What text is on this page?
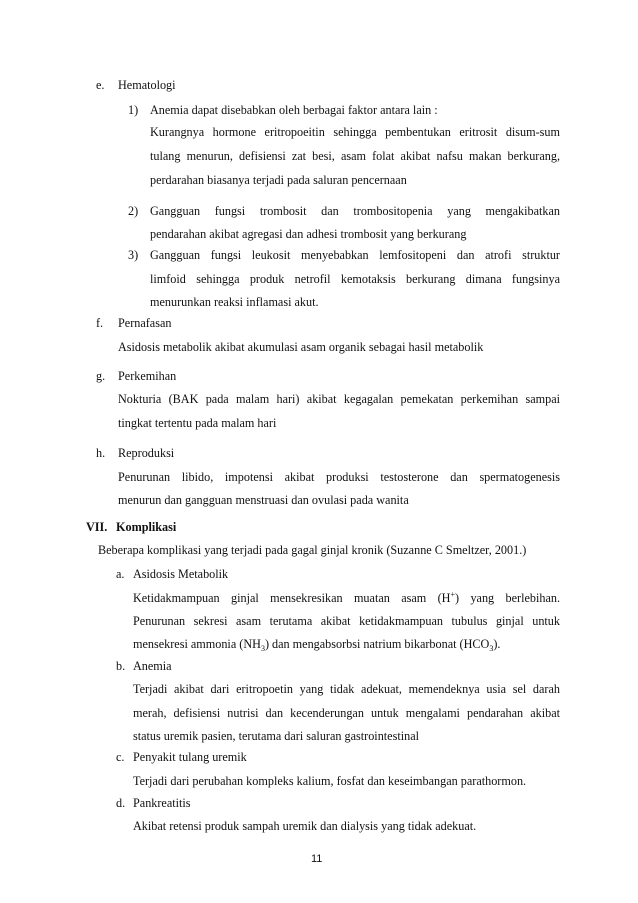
e. Hematologi
1) Anemia dapat disebabkan oleh berbagai faktor antara lain :
Kurangnya hormone eritropoeitin sehingga pembentukan eritrosit disum-sum
tulang menurun, defisiensi zat besi, asam folat akibat nafsu makan berkurang,
perdarahan biasanya terjadi pada saluran pencernaan
2) Gangguan fungsi trombosit dan trombositopenia yang mengakibatkan
pendarahan akibat agregasi dan adhesi trombosit yang berkurang
3) Gangguan fungsi leukosit menyebabkan lemfositopeni dan atrofi struktur
limfoid sehingga produk netrofil kemotaksis berkurang dimana fungsinya
menurunkan reaksi inflamasi akut.
f. Pernafasan
Asidosis metabolik akibat akumulasi asam organik sebagai hasil metabolik
g. Perkemihan
Nokturia (BAK pada malam hari) akibat kegagalan pemekatan perkemihan sampai
tingkat tertentu pada malam hari
h. Reproduksi
Penurunan libido, impotensi akibat produksi testosterone dan spermatogenesis
menurun dan gangguan menstruasi dan ovulasi pada wanita
VII. Komplikasi
Beberapa komplikasi yang terjadi pada gagal ginjal kronik (Suzanne C Smeltzer, 2001.)
a. Asidosis Metabolik
Ketidakmampuan ginjal mensekresikan muatan asam (H+) yang berlebihan.
Penurunan sekresi asam terutama akibat ketidakmampuan tubulus ginjal untuk
mensekresi ammonia $(NH_3)$ dan mengabsorbsi natrium bikarbonat $(HCO_3)$.
b. Anemia
Terjadi akibat dari eritropoetin yang tidak adekuat, memendeknya usia sel darah
merah, defisiensi nutrisi dan kecenderungan untuk mengalami pendarahan akibat
status uremik pasien, terutama dari saluran gastrointestinal
c. Penyakit tulang uremik
Terjadi dari perubahan kompleks kalium, fosfat dan keseimbangan parathormon.
d. Pankreatitis
Akibat retensi produk sampah uremik dan dialysis yang tidak adekuat.
11
